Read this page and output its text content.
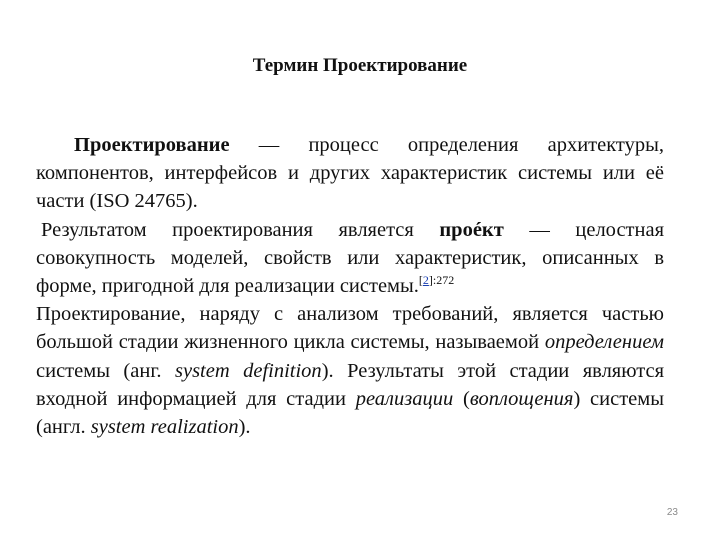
Термин Проектирование

Проектирование — процесс определения архитектуры, компонентов, интерфейсов и других характеристик системы или её части (ISO 24765).

Результатом проектирования является проéкт — целостная совокупность моделей, свойств или характеристик, описанных в форме, пригодной для реализации системы.$^{[2]:272}$

Проектирование, наряду с анализом требований, является частью большой стадии жизненного цикла системы, называемой определением системы (анг. system definition). Результаты этой стадии являются входной информацией для стадии реализации (воплощения) системы (англ. system realization).

23
